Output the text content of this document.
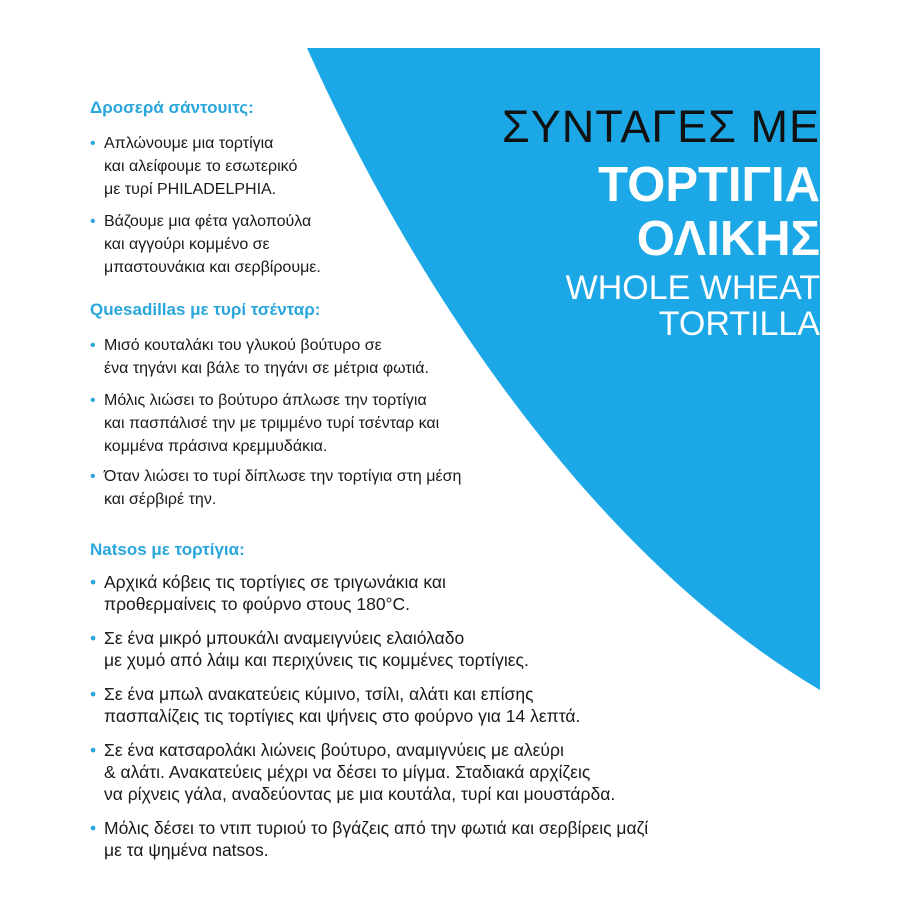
ΣΥΝΤΑΓΕΣ ΜΕ
ΤΟΡΤΙΓΙΑ
ΟΛΙΚΗΣ
WHOLE WHEAT
TORTILLA
Δροσερά σάντουιτς:
• Απλώνουμε μια τορτίγια
και αλείφουμε το εσωτερικό
με τυρί PHILADELPHIA.
• Βάζουμε μια φέτα γαλοπούλα
και αγγούρι κομμένο σε
μπαστουνάκια και σερβίρουμε.
Quesadillas με τυρί τσένταρ:
• Μισό κουταλάκι του γλυκού βούτυρο σε
ένα τηγάνι και βάλε το τηγάνι σε μέτρια φωτιά.
• Μόλις λιώσει το βούτυρο άπλωσε την τορτίγια
και πασπάλισέ την με τριμμένο τυρί τσένταρ και
κομμένα πράσινα κρεμμυδάκια.
• Όταν λιώσει το τυρί δίπλωσε την τορτίγια στη μέση
και σέρβιρέ την.
Natsos με τορτίγια:
• Αρχικά κόβεις τις τορτίγιες σε τριγωνάκια και
προθερμαίνεις το φούρνο στους 180°C.
• Σε ένα μικρό μπουκάλι αναμειγνύεις ελαιόλαδο
με χυμό από λάιμ και περιχύνεις τις κομμένες τορτίγιες.
• Σε ένα μπωλ ανακατεύεις κύμινο, τσίλι, αλάτι και επίσης
πασπαλίζεις τις τορτίγιες και ψήνεις στο φούρνο για 14 λεπτά.
• Σε ένα κατσαρολάκι λιώνεις βούτυρο, αναμιγνύεις με αλεύρι
& αλάτι. Ανακατεύεις μέχρι να δέσει το μίγμα. Σταδιακά αρχίζεις
να ρίχνεις γάλα, αναδεύοντας με μια κουτάλα, τυρί και μουστάρδα.
• Μόλις δέσει το ντιπ τυριού το βγάζεις από την φωτιά και σερβίρεις μαζί
με τα ψημένα natsos.
